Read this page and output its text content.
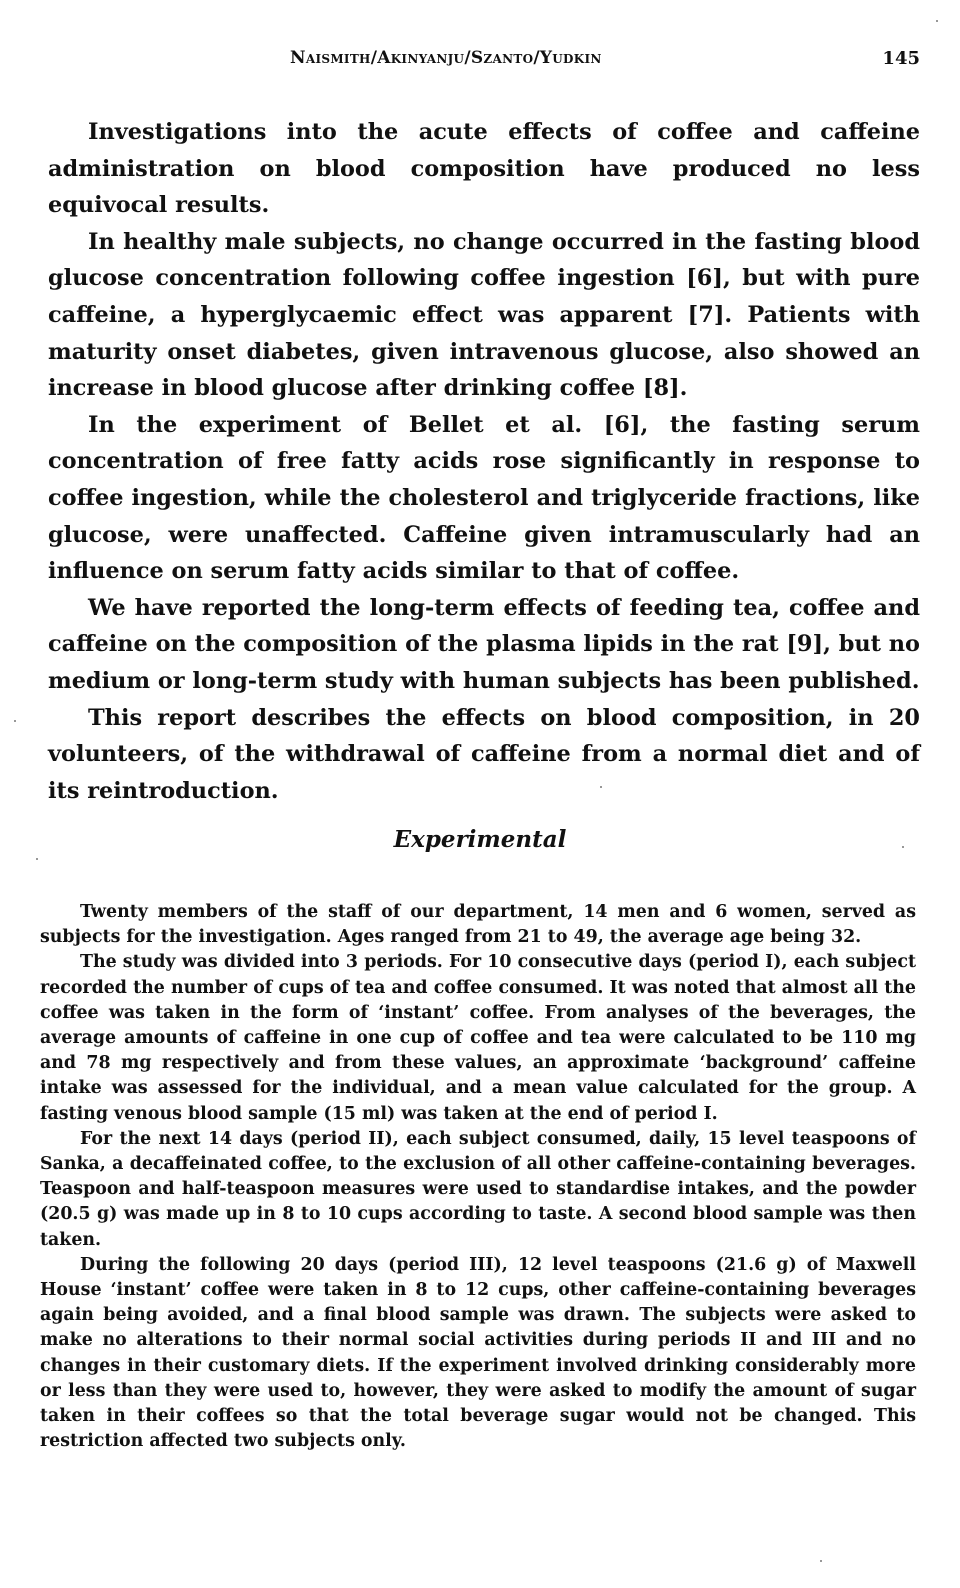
Naismith/Akinyanju/Szanto/Yudkin	145

Investigations into the acute effects of coffee and caffeine administration on blood composition have produced no less equivocal results.

In healthy male subjects, no change occurred in the fasting blood glucose concentration following coffee ingestion [6], but with pure caffeine, a hyperglycaemic effect was apparent [7]. Patients with maturity onset diabetes, given intravenous glucose, also showed an increase in blood glucose after drinking coffee [8].

In the experiment of Bellet et al. [6], the fasting serum concentration of free fatty acids rose significantly in response to coffee ingestion, while the cholesterol and triglyceride fractions, like glucose, were unaffected. Caffeine given intramuscularly had an influence on serum fatty acids similar to that of coffee.

We have reported the long-term effects of feeding tea, coffee and caffeine on the composition of the plasma lipids in the rat [9], but no medium or long-term study with human subjects has been published.

This report describes the effects on blood composition, in 20 volunteers, of the withdrawal of caffeine from a normal diet and of its reintroduction.

Experimental

Twenty members of the staff of our department, 14 men and 6 women, served as subjects for the investigation. Ages ranged from 21 to 49, the average age being 32.

The study was divided into 3 periods. For 10 consecutive days (period I), each subject recorded the number of cups of tea and coffee consumed. It was noted that almost all the coffee was taken in the form of ‘instant’ coffee. From analyses of the beverages, the average amounts of caffeine in one cup of coffee and tea were calculated to be 110 mg and 78 mg respectively and from these values, an approximate ‘background’ caffeine intake was assessed for the individual, and a mean value calculated for the group. A fasting venous blood sample (15 ml) was taken at the end of period I.

For the next 14 days (period II), each subject consumed, daily, 15 level teaspoons of Sanka, a decaffeinated coffee, to the exclusion of all other caffeine-containing beverages. Teaspoon and half-teaspoon measures were used to standardise intakes, and the powder (20.5 g) was made up in 8 to 10 cups according to taste. A second blood sample was then taken.

During the following 20 days (period III), 12 level teaspoons (21.6 g) of Maxwell House ‘instant’ coffee were taken in 8 to 12 cups, other caffeine-containing beverages again being avoided, and a final blood sample was drawn. The subjects were asked to make no alterations to their normal social activities during periods II and III and no changes in their customary diets. If the experiment involved drinking considerably more or less than they were used to, however, they were asked to modify the amount of sugar taken in their coffees so that the total beverage sugar would not be changed. This restriction affected two subjects only.
